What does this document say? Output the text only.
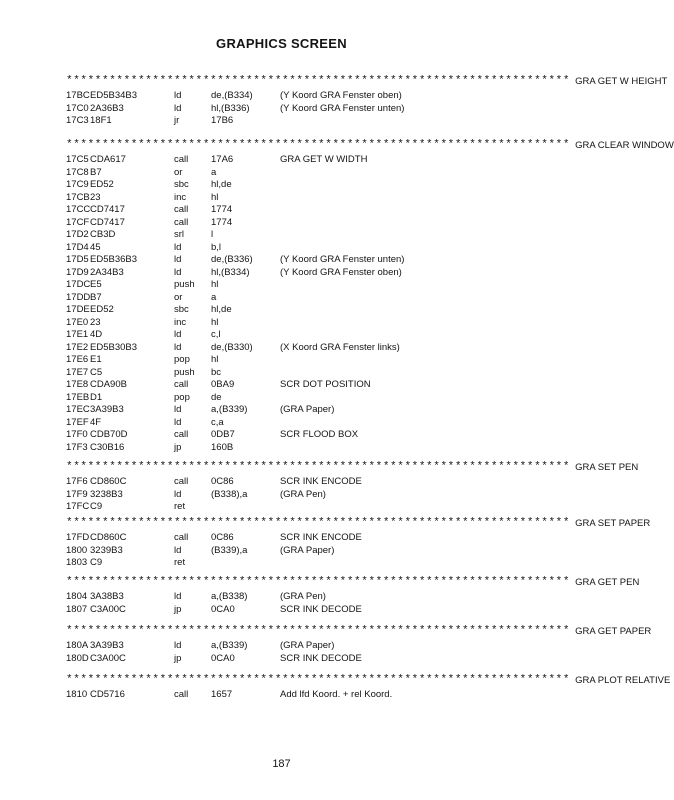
GRAPHICS SCREEN
********************************************************************** GRA GET W HEIGHT
17BC ED5B34B3	ld	de,(B334)	(Y Koord GRA Fenster oben)
17C0 2A36B3	ld	hl,(B336)	(Y Koord GRA Fenster unten)
17C3 18F1	jr	17B6
********************************************************************** GRA CLEAR WINDOW
17C5 CDA617	call 17A6	GRA GET W WIDTH
17C8 B7	or	a
17C9 ED52	sbc hl,de
17CB 23	inc	hl
17CC CD7417	call 1774
17CF CD7417	call 1774
17D2 CB3D	srl	l
17D4 45	ld	b,l
17D5 ED5B36B3	ld	de,(B336)	(Y Koord GRA Fenster unten)
17D9 2A34B3	ld	hl,(B334)	(Y Koord GRA Fenster oben)
17DC E5	push hl
17DD B7	or	a
17DE ED52	sbc hl,de
17E0 23	inc	hl
17E1 4D	ld	c,l
17E2 ED5B30B3	ld	de,(B330)	(X Koord GRA Fenster links)
17E6 E1	pop hl
17E7 C5	push bc
17E8 CDA90B	call 0BA9	SCR DOT POSITION
17EB D1	pop de
17EC 3A39B3	ld	a,(B339)	(GRA Paper)
17EF 4F	ld	c,a
17F0 CDB70D	call 0DB7	SCR FLOOD BOX
17F3 C30B16	jp	160B
********************************************************************** GRA SET PEN
17F6 CD860C	call 0C86	SCR INK ENCODE
17F9 3238B3	ld	(B338),a	(GRA Pen)
17FC C9	ret
********************************************************************** GRA SET PAPER
17FD CD860C	call 0C86	SCR INK ENCODE
1800 3239B3	ld	(B339),a	(GRA Paper)
1803 C9	ret
********************************************************************** GRA GET PEN
1804 3A38B3	ld	a,(B338)	(GRA Pen)
1807 C3A00C	jp	0CA0	SCR INK DECODE
********************************************************************** GRA GET PAPER
180A 3A39B3	ld	a,(B339)	(GRA Paper)
180D C3A00C	jp	0CA0	SCR INK DECODE
********************************************************************** GRA PLOT RELATIVE
1810 CD5716	call 1657	Add lfd Koord. + rel Koord.
187
